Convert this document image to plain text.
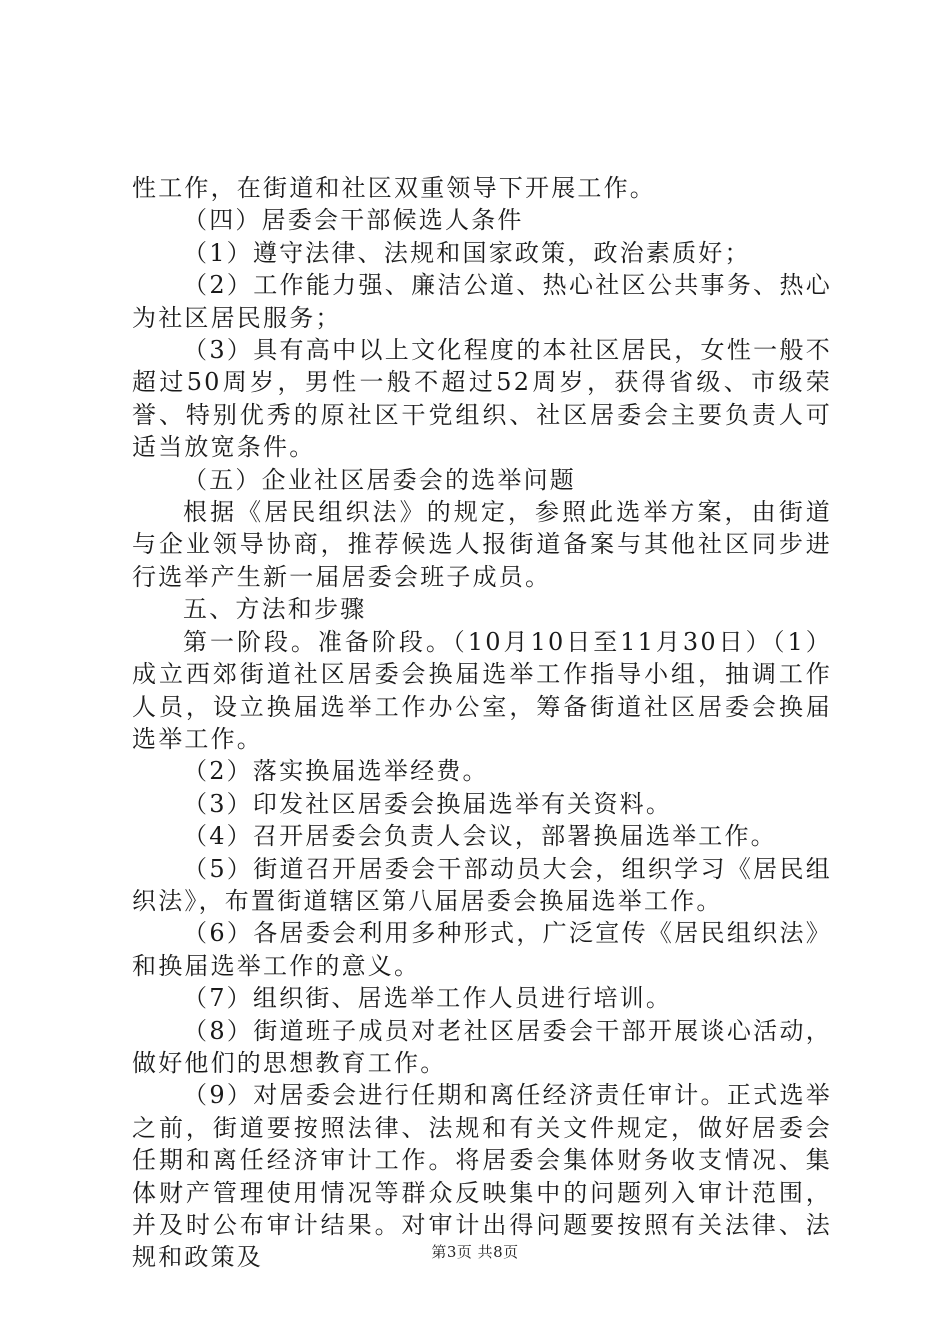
性工作，在街道和社区双重领导下开展工作。

（四）居委会干部候选人条件

（1）遵守法律、法规和国家政策，政治素质好；

（2）工作能力强、廉洁公道、热心社区公共事务、热心为社区居民服务；

（3）具有高中以上文化程度的本社区居民，女性一般不超过50周岁，男性一般不超过52周岁，获得省级、市级荣誉、特别优秀的原社区干党组织、社区居委会主要负责人可适当放宽条件。

（五）企业社区居委会的选举问题

根据《居民组织法》的规定，参照此选举方案，由街道与企业领导协商，推荐候选人报街道备案与其他社区同步进行选举产生新一届居委会班子成员。

五、方法和步骤

第一阶段。准备阶段。（10月10日至11月30日）（1）成立西郊街道社区居委会换届选举工作指导小组，抽调工作人员，设立换届选举工作办公室，筹备街道社区居委会换届选举工作。

（2）落实换届选举经费。

（3）印发社区居委会换届选举有关资料。

（4）召开居委会负责人会议，部署换届选举工作。

（5）街道召开居委会干部动员大会，组织学习《居民组织法》，布置街道辖区第八届居委会换届选举工作。

（6）各居委会利用多种形式，广泛宣传《居民组织法》和换届选举工作的意义。

（7）组织街、居选举工作人员进行培训。

（8）街道班子成员对老社区居委会干部开展谈心活动，做好他们的思想教育工作。

（9）对居委会进行任期和离任经济责任审计。正式选举之前，街道要按照法律、法规和有关文件规定，做好居委会任期和离任经济审计工作。将居委会集体财务收支情况、集体财产管理使用情况等群众反映集中的问题列入审计范围，并及时公布审计结果。对审计出得问题要按照有关法律、法规和政策及	第3页 共8页
